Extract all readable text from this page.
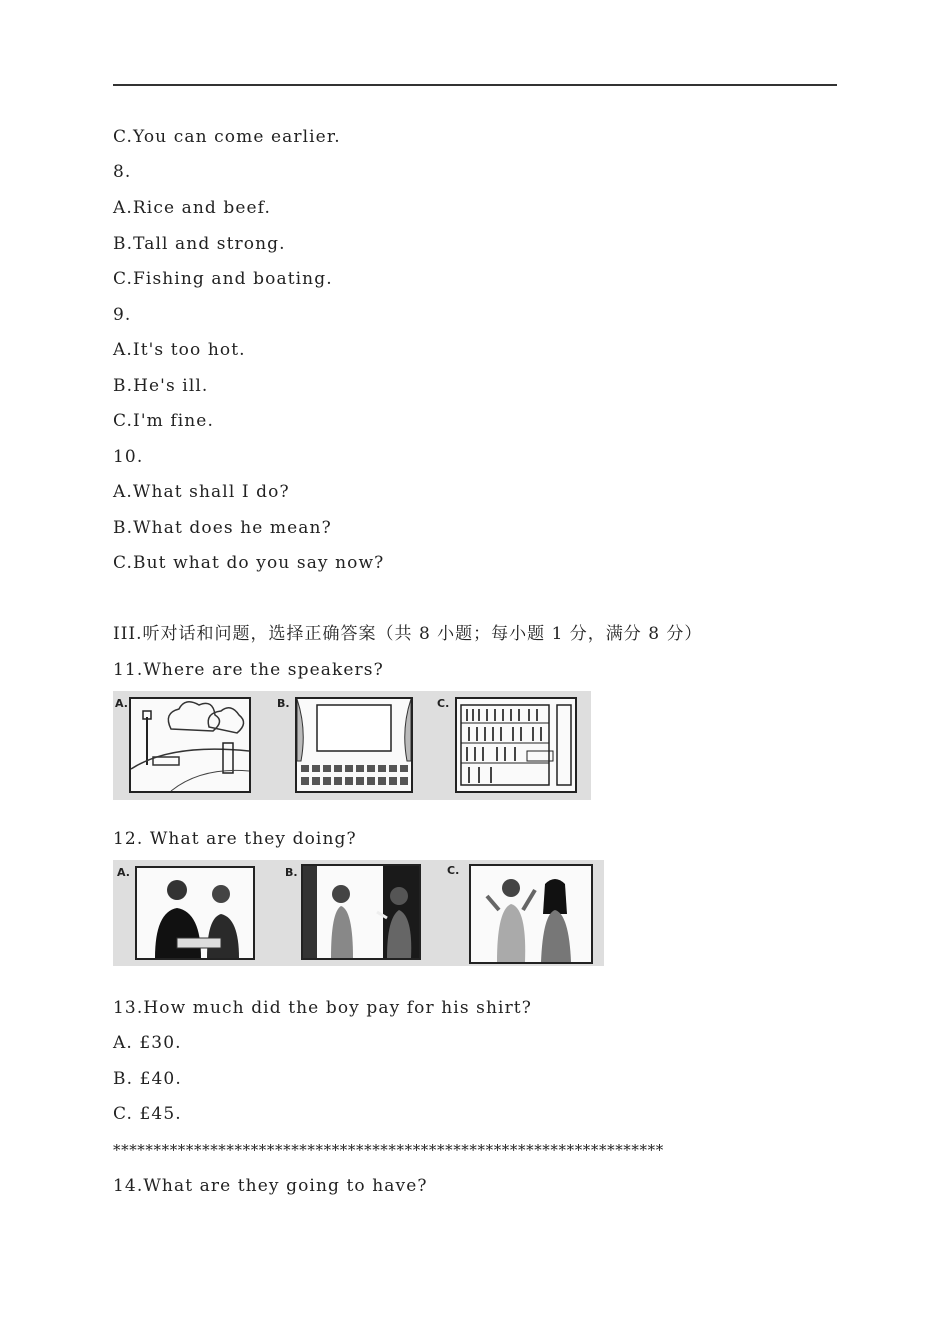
C.You can come earlier.
8.
A.Rice and beef.
B.Tall and strong.
C.Fishing and boating.
9.
A.It's too hot.
B.He's ill.
C.I'm fine.
10.
A.What shall I do?
B.What does he mean?
C.But what do you say now?
III.听对话和问题，选择正确答案（共 8 小题；每小题 1 分，满分 8 分）
11.Where are the speakers?
A.	B.	C.
12. What are they doing?
A.	B.	C.
13.How much did the boy pay for his shirt?
A. £30.
B. £40.
C. £45.
********************************************************************
14.What are they going to have?
